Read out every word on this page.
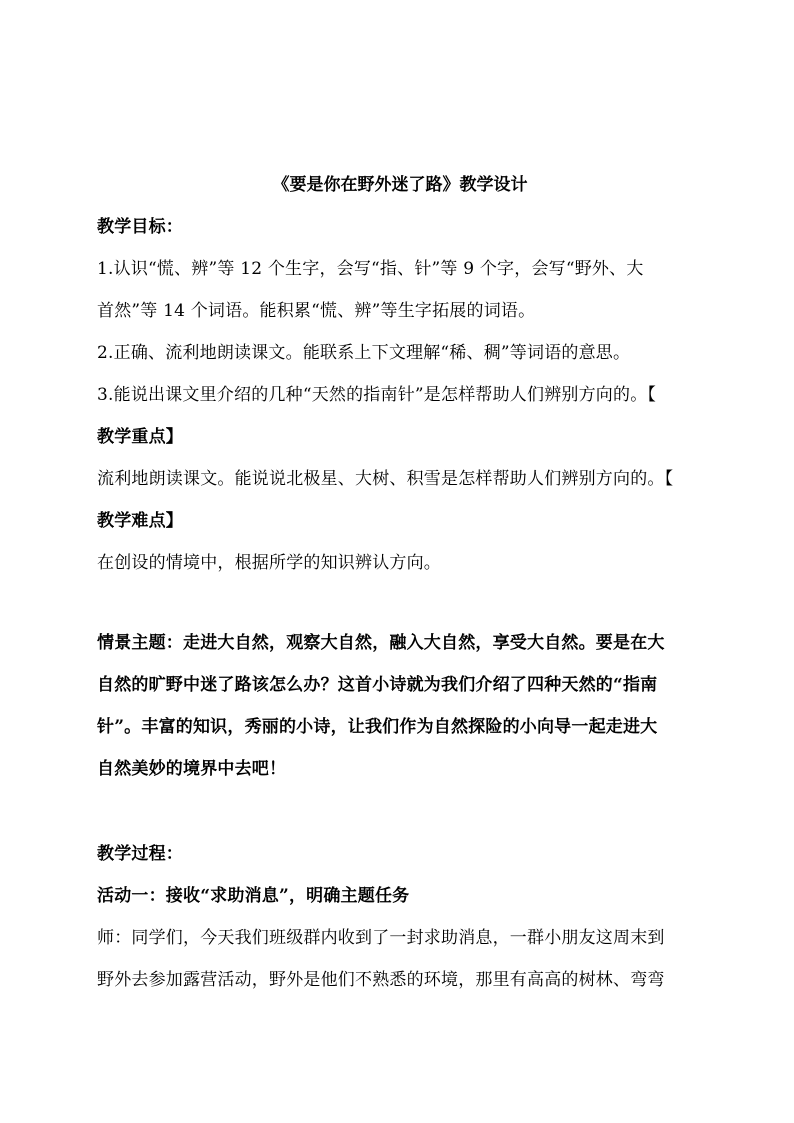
《要是你在野外迷了路》教学设计
教学目标：
1.认识“慌、辨”等 12 个生字，会写“指、针”等 9 个字，会写“野外、大
首然”等 14 个词语。能积累“慌、辨”等生字拓展的词语。
2.正确、流利地朗读课文。能联系上下文理解“稀、稠”等词语的意思。
3.能说出课文里介绍的几种“天然的指南针”是怎样帮助人们辨别方向的。【
教学重点】
流利地朗读课文。能说说北极星、大树、积雪是怎样帮助人们辨别方向的。【
教学难点】
在创设的情境中，根据所学的知识辨认方向。
情景主题：走进大自然，观察大自然，融入大自然，享受大自然。要是在大
自然的旷野中迷了路该怎么办？这首小诗就为我们介绍了四种天然的“指南
针”。丰富的知识，秀丽的小诗，让我们作为自然探险的小向导一起走进大
自然美妙的境界中去吧！
教学过程：
活动一：接收“求助消息”，明确主题任务
师：同学们，今天我们班级群内收到了一封求助消息，一群小朋友这周末到
野外去参加露营活动，野外是他们不熟悉的环境，那里有高高的树林、弯弯
